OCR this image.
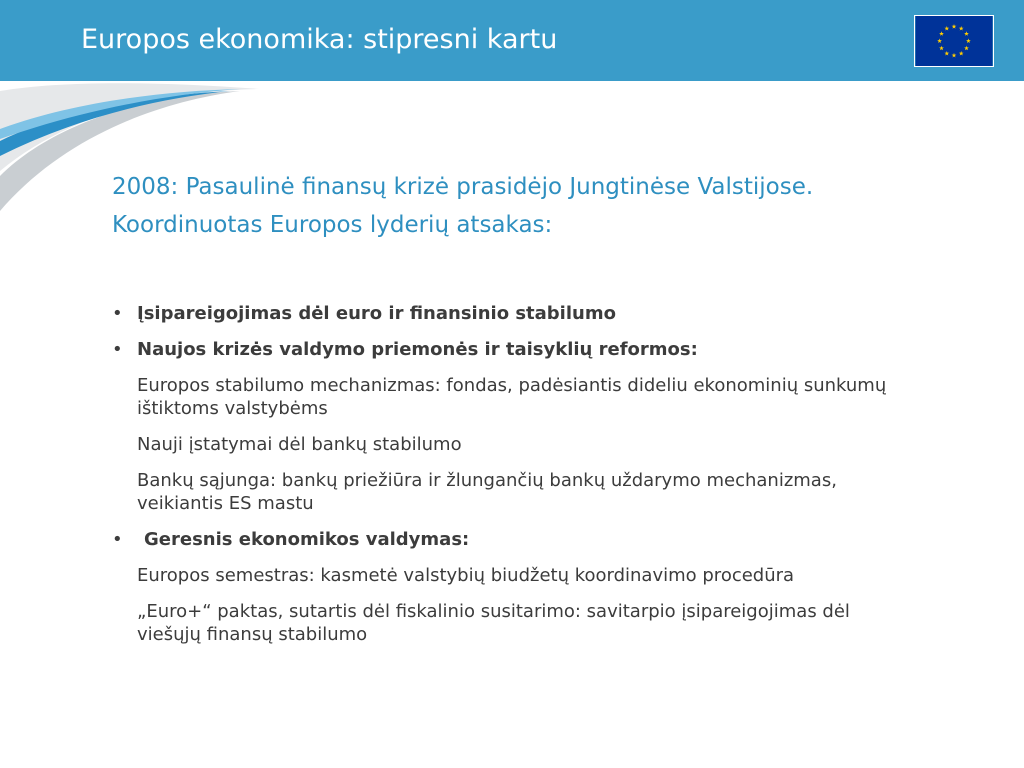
Europos ekonomika: stipresni kartu
2008: Pasaulinė finansų krizė prasidėjo Jungtinėse Valstijose.
Koordinuotas Europos lyderių atsakas:
• Įsipareigojimas dėl euro ir finansinio stabilumo
• Naujos krizės valdymo priemonės ir taisyklių reformos:
Europos stabilumo mechanizmas: fondas, padėsiantis dideliu ekonominių sunkumų ištiktoms valstybėms
Nauji įstatymai dėl bankų stabilumo
Bankų sąjunga: bankų priežiūra ir žlungančių bankų uždarymo mechanizmas, veikiantis ES mastu
• Geresnis ekonomikos valdymas:
Europos semestras: kasmetė valstybių biudžetų koordinavimo procedūra
„Euro+“ paktas, sutartis dėl fiskalinio susitarimo: savitarpio įsipareigojimas dėl viešųjų finansų stabilumo
